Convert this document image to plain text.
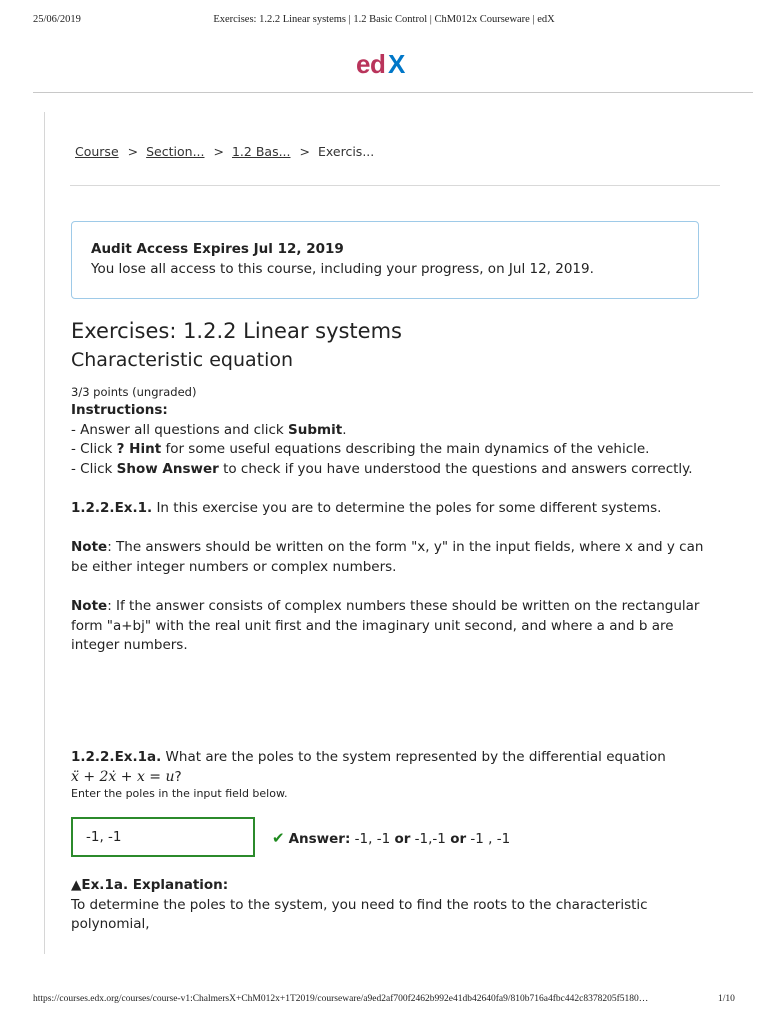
25/06/2019	Exercises: 1.2.2 Linear systems | 1.2 Basic Control | ChM012x Courseware | edX
e d X
Course > Section... > 1.2 Bas... > Exercis...
Audit Access Expires Jul 12, 2019
You lose all access to this course, including your progress, on Jul 12, 2019.
Exercises: 1.2.2 Linear systems
Characteristic equation

3/3 points (ungraded)

Instructions:

- Answer all questions and click Submit.

- Click ? Hint for some useful equations describing the main dynamics of the vehicle.

- Click Show Answer to check if you have understood the questions and answers correctly.

1.2.2.Ex.1. In this exercise you are to determine the poles for some different systems.

Note: The answers should be written on the form "x, y" in the input fields, where x and y can be either integer numbers or complex numbers.

Note: If the answer consists of complex numbers these should be written on the rectangular form "a+bj" with the real unit first and the imaginary unit second, and where a and b are integer numbers.

1.2.2.Ex.1a. What are the poles to the system represented by the differential equation

ẍ + 2ẋ + x = u?

Enter the poles in the input field below.

-1, -1	✔ Answer: -1, -1 or -1,-1 or -1 , -1

▲Ex.1a. Explanation:

To determine the poles to the system, you need to find the roots to the characteristic polynomial,

https://courses.edx.org/courses/course-v1:ChalmersX+ChM012x+1T2019/courseware/a9ed2af700f2462b992e41db42640fa9/810b716a4fbc442c8378205f5180…	1/10
